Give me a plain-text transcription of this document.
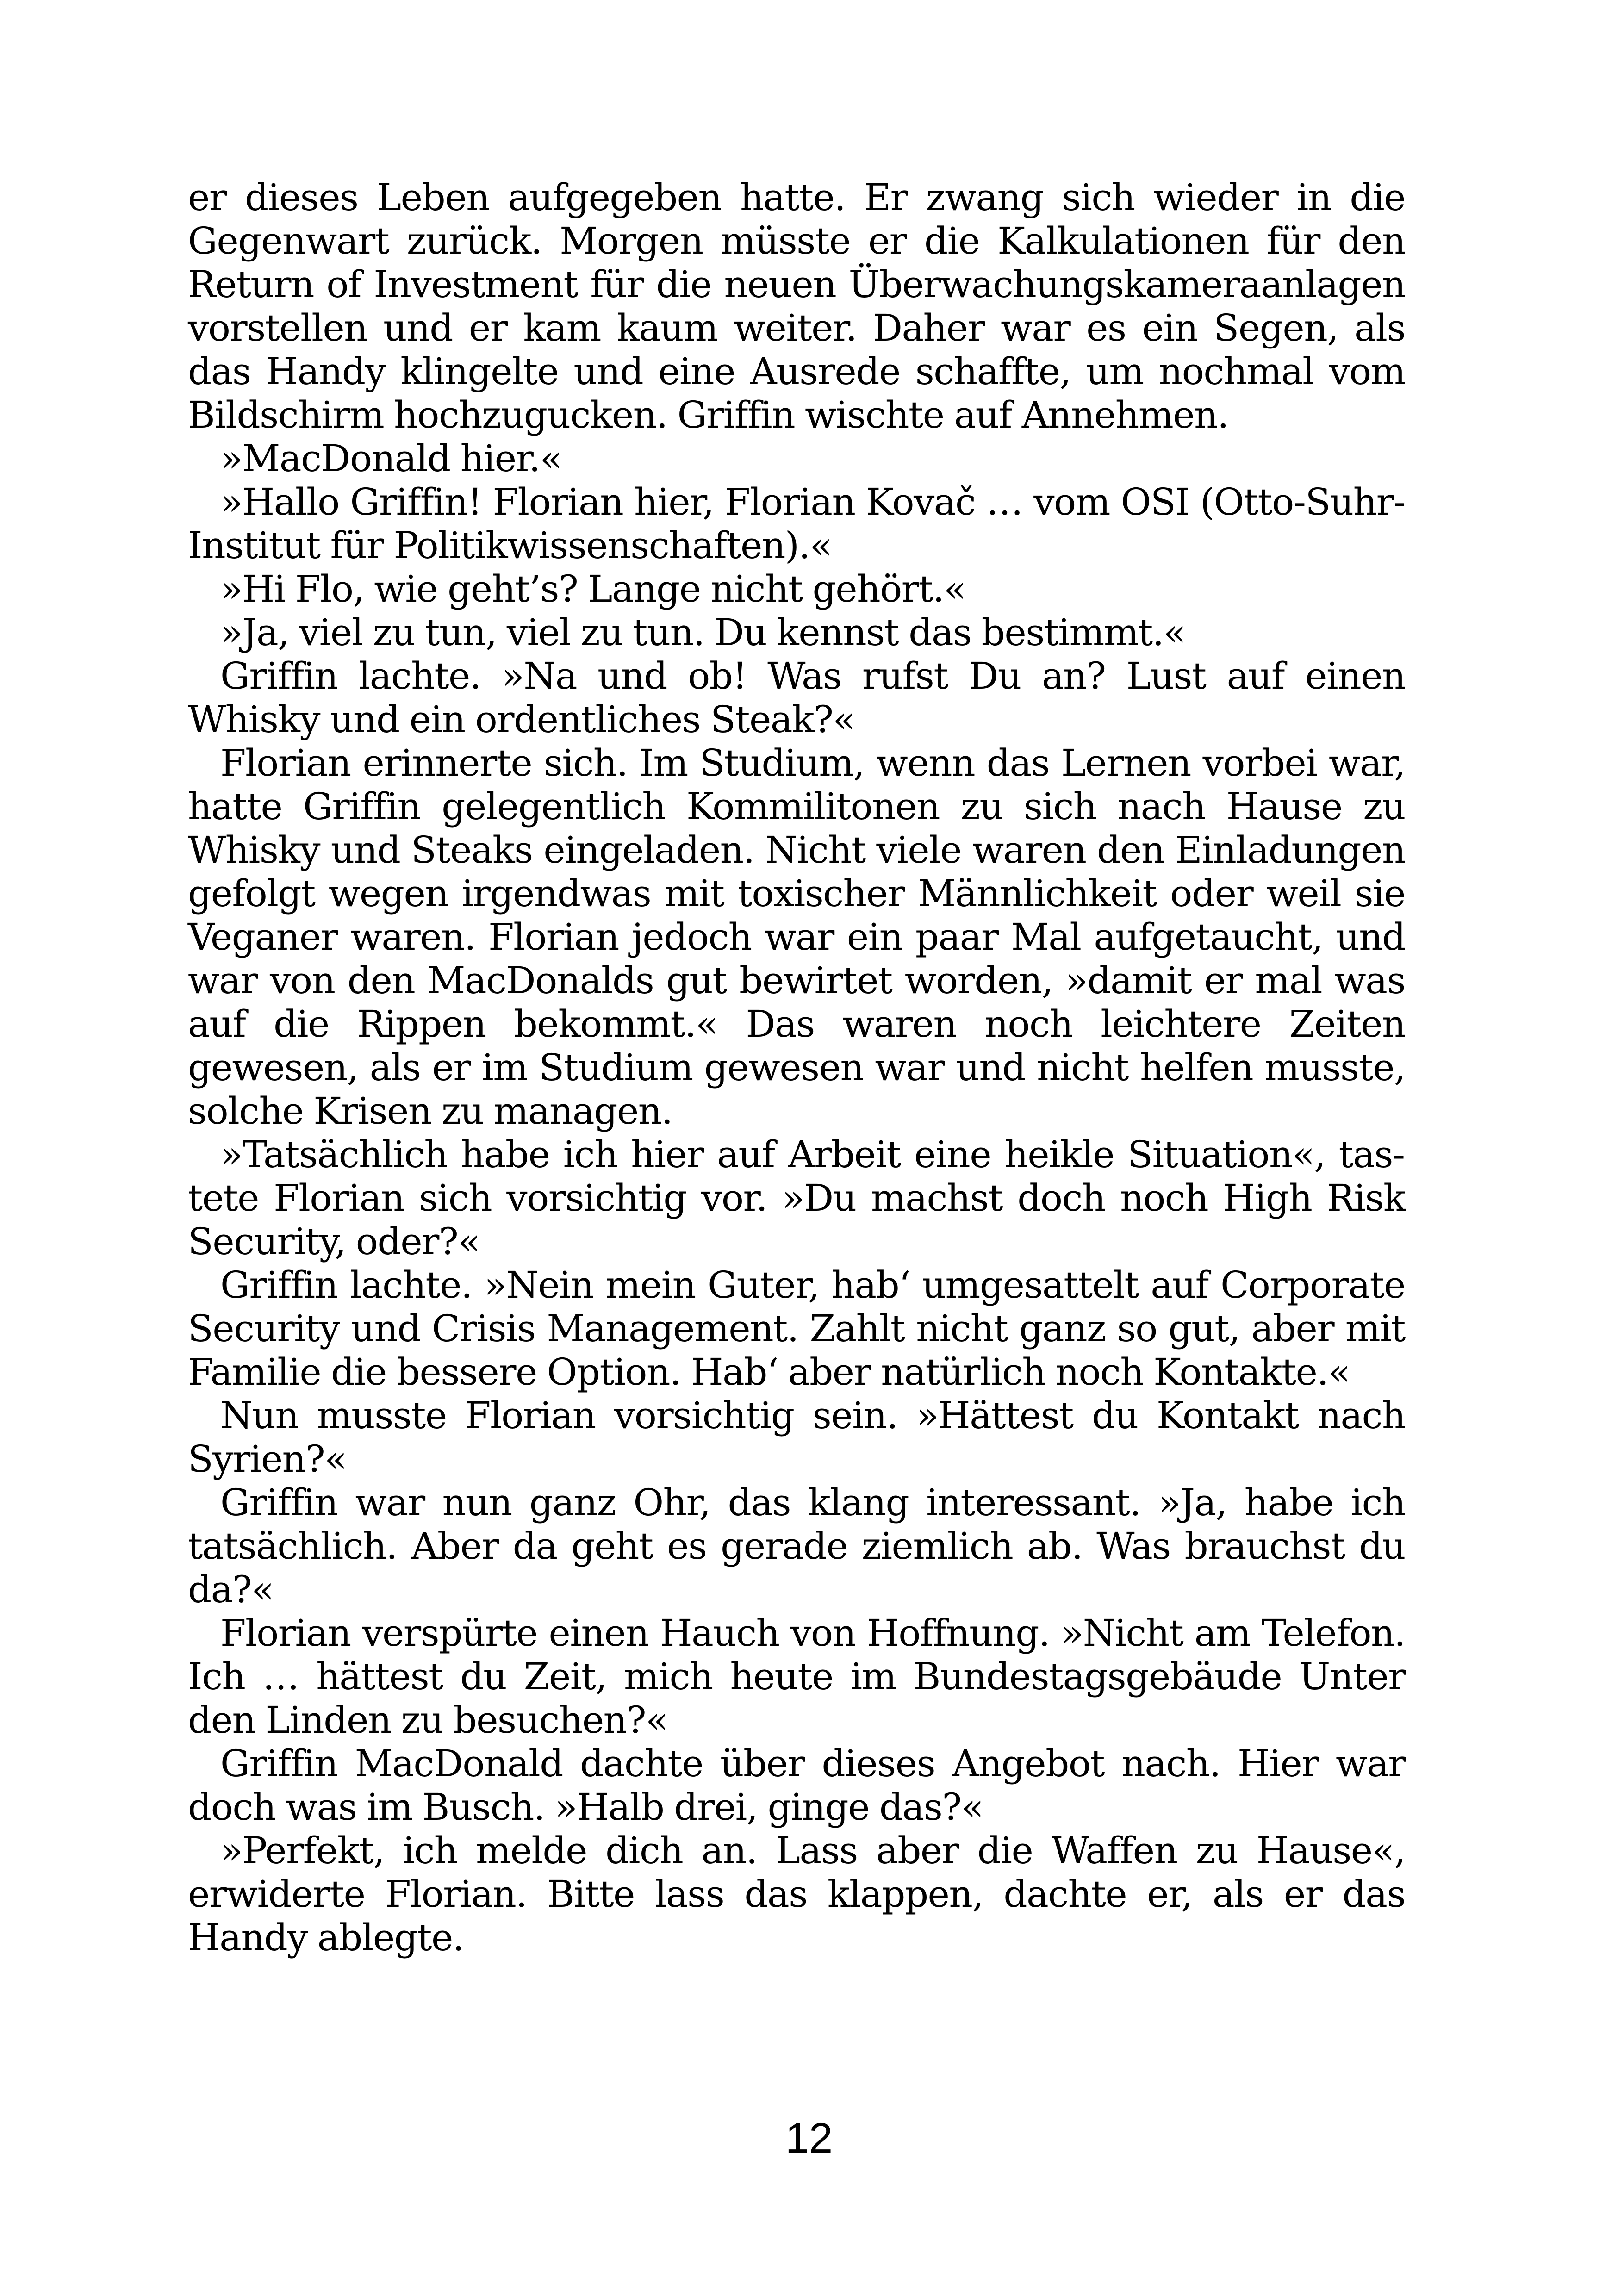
er dieses Leben aufgegeben hatte. Er zwang sich wieder in die Gegenwart zurück. Morgen müsste er die Kalkulationen für den Return of Investment für die neuen Überwachungskameraanlagen vorstellen und er kam kaum weiter. Daher war es ein Segen, als das Handy klingelte und eine Ausrede schaffte, um nochmal vom Bildschirm hochzugucken. Griffin wischte auf Annehmen.

»MacDonald hier.«

»Hallo Griffin! Florian hier, Florian Kovač … vom OSI (Otto-Suhr-Institut für Politikwissenschaften).«

»Hi Flo, wie geht’s? Lange nicht gehört.«

»Ja, viel zu tun, viel zu tun. Du kennst das bestimmt.«

Griffin lachte. »Na und ob! Was rufst Du an? Lust auf einen Whisky und ein ordentliches Steak?«

Florian erinnerte sich. Im Studium, wenn das Lernen vorbei war, hatte Griffin gelegentlich Kommilitonen zu sich nach Hause zu Whisky und Steaks eingeladen. Nicht viele waren den Einladungen gefolgt wegen irgendwas mit toxischer Männlichkeit oder weil sie Veganer waren. Florian jedoch war ein paar Mal aufgetaucht, und war von den MacDonalds gut bewirtet worden, »damit er mal was auf die Rippen bekommt.« Das waren noch leichtere Zeiten gewesen, als er im Studium gewesen war und nicht helfen musste, solche Krisen zu managen.

»Tatsächlich habe ich hier auf Arbeit eine heikle Situation«, tastete Florian sich vorsichtig vor. »Du machst doch noch High Risk Security, oder?«

Griffin lachte. »Nein mein Guter, hab‘ umgesattelt auf Corporate Security und Crisis Management. Zahlt nicht ganz so gut, aber mit Familie die bessere Option. Hab‘ aber natürlich noch Kontakte.«

Nun musste Florian vorsichtig sein. »Hättest du Kontakt nach Syrien?«

Griffin war nun ganz Ohr, das klang interessant. »Ja, habe ich tatsächlich. Aber da geht es gerade ziemlich ab. Was brauchst du da?«

Florian verspürte einen Hauch von Hoffnung. »Nicht am Telefon. Ich … hättest du Zeit, mich heute im Bundestagsgebäude Unter den Linden zu besuchen?«

Griffin MacDonald dachte über dieses Angebot nach. Hier war doch was im Busch. »Halb drei, ginge das?«

»Perfekt, ich melde dich an. Lass aber die Waffen zu Hause«, erwiderte Florian. Bitte lass das klappen, dachte er, als er das Handy ablegte.

12
